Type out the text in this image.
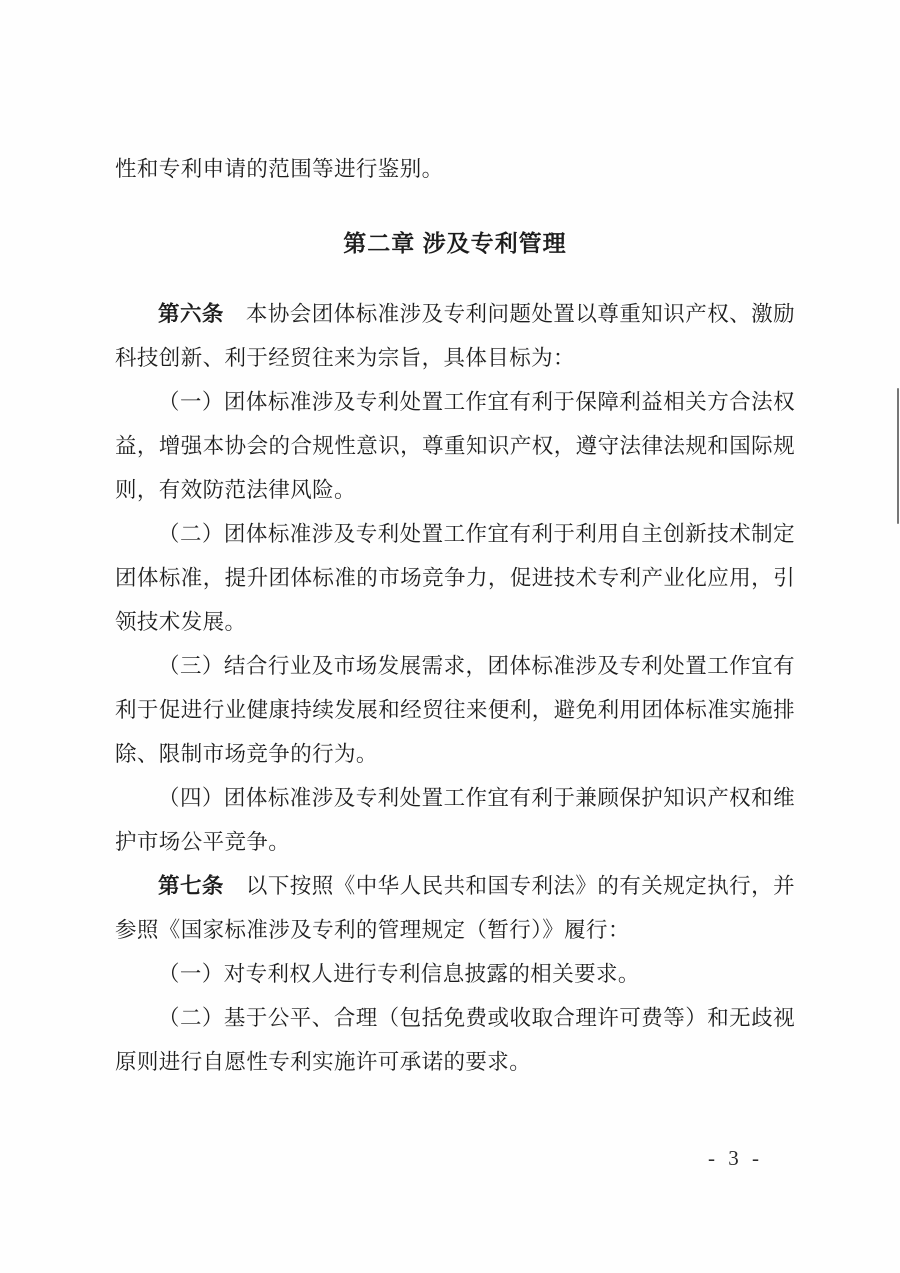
性和专利申请的范围等进行鉴别。

第二章 涉及专利管理

第六条　本协会团体标准涉及专利问题处置以尊重知识产权、激励科技创新、利于经贸往来为宗旨，具体目标为：

（一）团体标准涉及专利处置工作宜有利于保障利益相关方合法权益，增强本协会的合规性意识，尊重知识产权，遵守法律法规和国际规则，有效防范法律风险。

（二）团体标准涉及专利处置工作宜有利于利用自主创新技术制定团体标准，提升团体标准的市场竞争力，促进技术专利产业化应用，引领技术发展。

（三）结合行业及市场发展需求，团体标准涉及专利处置工作宜有利于促进行业健康持续发展和经贸往来便利，避免利用团体标准实施排除、限制市场竞争的行为。

（四）团体标准涉及专利处置工作宜有利于兼顾保护知识产权和维护市场公平竞争。

第七条　以下按照《中华人民共和国专利法》的有关规定执行，并参照《国家标准涉及专利的管理规定（暂行）》履行：

（一）对专利权人进行专利信息披露的相关要求。

（二）基于公平、合理（包括免费或收取合理许可费等）和无歧视原则进行自愿性专利实施许可承诺的要求。

- 3 -
